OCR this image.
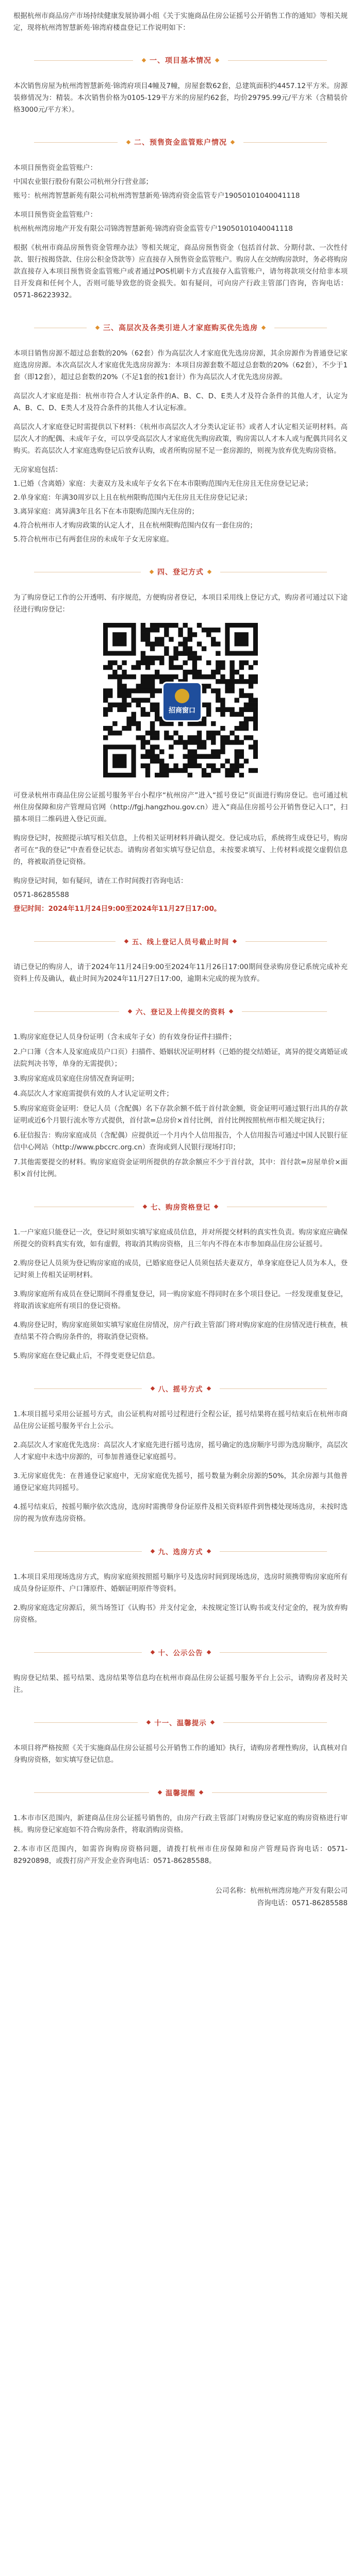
根据杭州市商品房产市场持续健康发展协调小组《关于实施商品住房公证摇号公开销售工作的通知》等相关规定，现将杭州湾智慧新苑·锦湾府楼盘登记工作说明如下：

一、项目基本情况

本次销售房屋为杭州湾智慧新苑·锦湾府项目4幢及7幢，房屋套数62套，总建筑面积约4457.12平方米。房源装修情况为：精装。本次销售价格为0105-129平方米的房屋约62套，均价29795.99元/平方米（含精装价格3000元/平方米）。

二、预售资金监管账户情况

本项目预售资金监管账户：

中国农业银行股份有限公司杭州分行营业部；

账号：杭州湾智慧新苑有限公司杭州湾智慧新苑·锦湾府资金监管专户19050101040041118

本项目预售资金监管账户：

杭州杭州湾房地产开发有限公司锦湾智慧新苑·锦湾府资金监管专户19050101040041118

根据《杭州市商品房预售资金管理办法》等相关规定，商品房预售资金（包括首付款、分期付款、一次性付款、银行按揭贷款、住房公积金贷款等）应直接存入预售资金监管账户。购房人在交纳购房款时，务必将购房款直接存入本项目预售资金监管账户或者通过POS机刷卡方式直接存入监管账户，请勿将款项交付给非本项目开发商和任何个人，否则可能导致您的资金损失。如有疑问，可向房产行政主管部门咨询，咨询电话：0571-86223932。

三、高层次及各类引进人才家庭购买优先选房

本项目销售房源不超过总套数的20%（62套）作为高层次人才家庭优先选房房源，其余房源作为普通登记家庭选房房源。本次高层次人才家庭优先选房房源为：本项目房源套数不超过总套数的20%（62套），不少于1套（即12套），超过总套数的20%（不足1套的按1套计）作为高层次人才优先选房房源。

高层次人才家庭是指：杭州市符合人才认定条件的A、B、C、D、E类人才及符合条件的其他人才，认定为A、B、C、D、E类人才及符合条件的其他人才认定标准。

高层次人才家庭登记时需提供以下材料：《杭州市高层次人才分类认定证书》或者人才认定相关证明材料。高层次人才的配偶、未成年子女，可以享受高层次人才家庭优先购房政策，购房需以人才本人或与配偶共同名义购买。若高层次人才家庭选购登记后放弃认购，或者所购房屋不足一套房源的，则视为放弃优先购房资格。

无房家庭包括：

1.已婚（含离婚）家庭：夫妻双方及未成年子女名下在本市限购范围内无住房且无住房登记记录；

2.单身家庭：年满30周岁以上且在杭州限购范围内无住房且无住房登记记录；

3.离异家庭：离异满3年且名下在本市限购范围内无住房的；

4.符合杭州市人才购房政策的认定人才，且在杭州限购范围内仅有一套住房的；

5.符合杭州市已有两套住房的未成年子女无房家庭。

四、登记方式

为了购房登记工作的公开透明、有序规范，方便购房者登记，本项目采用线上登记方式，购房者可通过以下途径进行购房登记：

招商窗口

可登录杭州市商品住房公证摇号服务平台小程序“杭州房产”进入“摇号登记”页面进行购房登记。也可通过杭州住房保障和房产管理局官网（http://fgj.hangzhou.gov.cn）进入“商品住房摇号公开销售登记入口”，扫描本项目二维码进入登记页面。

购房登记时，按照提示填写相关信息，上传相关证明材料并确认提交。登记成功后，系统将生成登记号，购房者可在“我的登记”中查看登记状态。请购房者如实填写登记信息，未按要求填写、上传材料或提交虚假信息的，将被取消登记资格。

购房登记时间，如有疑问，请在工作时间拨打咨询电话：

0571-86285588

登记时间：2024年11月24日9:00至2024年11月27日17:00。

五、线上登记人员号截止时间

请已登记的购房人，请于2024年11月24日9:00至2024年11月26日17:00期间登录购房登记系统完成补充资料上传及确认，截止时间为2024年11月27日17:00，逾期未完成的视为放弃。

六、登记及上传提交的资料

1.购房家庭登记人员身份证明（含未成年子女）的有效身份证件扫描件；

2.户口簿（含本人及家庭成员户口页）扫描件、婚姻状况证明材料（已婚的提交结婚证，离异的提交离婚证或法院判决书等，单身的无需提供）；

3.购房家庭成员家庭住房情况查询证明；

4.高层次人才家庭需提供有效的人才认定证明文件；

5.购房家庭资金证明：登记人员（含配偶）名下存款余额不低于首付款金额，资金证明可通过银行出具的存款证明或近6个月银行流水等方式提供，首付款=总房价×首付比例，首付比例按照杭州市相关规定执行；

6.征信报告：购房家庭成员（含配偶）应提供近一个月内个人信用报告，个人信用报告可通过中国人民银行征信中心网站（http://www.pbccrc.org.cn）查询或到人民银行现场打印；

7.其他需要提交的材料。购房家庭资金证明所提供的存款余额应不少于首付款，其中：首付款=房屋单价×面积×首付比例。

七、购房资格登记

1.一户家庭只能登记一次，登记时须如实填写家庭成员信息，并对所提交材料的真实性负责。购房家庭应确保所提交的资料真实有效，如有虚假，将取消其购房资格，且三年内不得在本市参加商品住房公证摇号。

2.购房登记人员须为登记购房家庭的成员，已婚家庭登记人员须包括夫妻双方，单身家庭登记人员为本人，登记时须上传相关证明材料。

3.购房家庭所有成员在登记期间不得重复登记，同一购房家庭不得同时在多个项目登记。一经发现重复登记，将取消该家庭所有项目的登记资格。

4.购房登记时，购房家庭须如实填写家庭住房情况，房产行政主管部门将对购房家庭的住房情况进行核查，核查结果不符合购房条件的，将取消登记资格。

5.购房家庭在登记截止后，不得变更登记信息。

八、摇号方式

1.本项目摇号采用公证摇号方式，由公证机构对摇号过程进行全程公证，摇号结果将在摇号结束后在杭州市商品住房公证摇号服务平台上公示。

2.高层次人才家庭优先选房：高层次人才家庭先进行摇号选房，摇号确定的选房顺序号即为选房顺序，高层次人才家庭中未选中房源的，可参加普通登记家庭摇号。

3.无房家庭优先：在普通登记家庭中，无房家庭优先摇号，摇号数量为剩余房源的50%，其余房源与其他普通登记家庭共同摇号。

4.摇号结束后，按摇号顺序依次选房，选房时需携带身份证原件及相关资料原件到售楼处现场选房，未按时选房的视为放弃选房资格。

九、选房方式

1.本项目采用现场选房方式，购房家庭须按照摇号顺序号及选房时间到现场选房，选房时须携带购房家庭所有成员身份证原件、户口簿原件、婚姻证明原件等资料。

2.购房家庭选定房源后，须当场签订《认购书》并支付定金，未按规定签订认购书或支付定金的，视为放弃购房资格。

十、公示公告

购房登记结果、摇号结果、选房结果等信息均在杭州市商品住房公证摇号服务平台上公示，请购房者及时关注。

十一、温馨提示

本项目将严格按照《关于实施商品住房公证摇号公开销售工作的通知》执行，请购房者理性购房，认真核对自身购房资格，如实填写登记信息。

温馨提醒

1.本市市区范围内，新建商品住房公证摇号销售的，由房产行政主管部门对购房登记家庭的购房资格进行审核。购房登记家庭如不符合购房条件，将取消购房资格。

2.本市市区范围内，如需咨询购房资格问题，请拨打杭州市住房保障和房产管理局咨询电话：0571-82920898，或拨打房产开发企业咨询电话：0571-86285588。

公司名称：杭州杭州湾房地产开发有限公司
咨询电话：0571-86285588
